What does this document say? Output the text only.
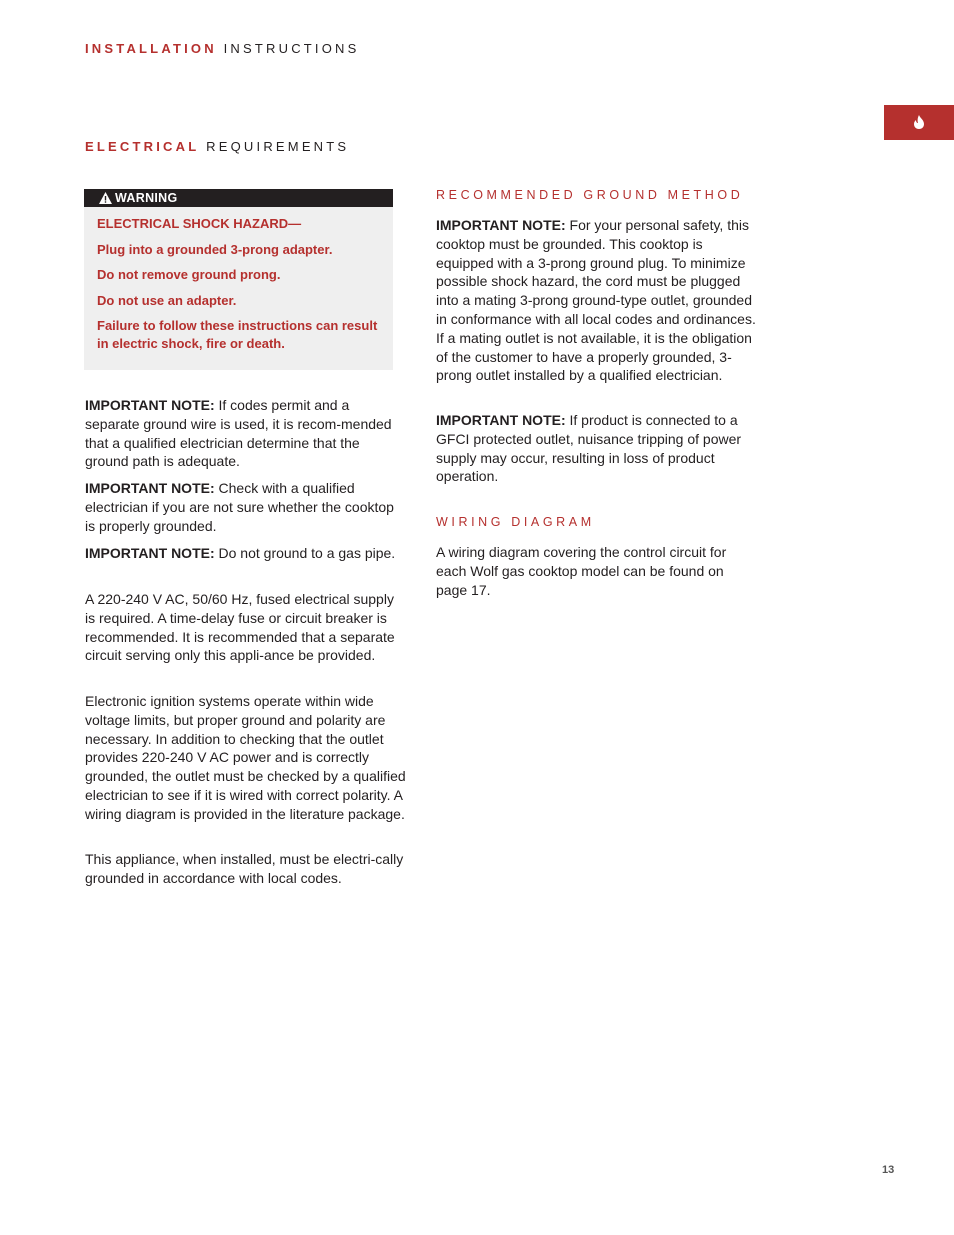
INSTALLATION INSTRUCTIONS
ELECTRICAL REQUIREMENTS
WARNING
ELECTRICAL SHOCK HAZARD—
Plug into a grounded 3-prong adapter.
Do not remove ground prong.
Do not use an adapter.
Failure to follow these instructions can result in electric shock, fire or death.
IMPORTANT NOTE: If codes permit and a separate ground wire is used, it is recom-mended that a qualified electrician determine that the ground path is adequate.
IMPORTANT NOTE: Check with a qualified electrician if you are not sure whether the cooktop is properly grounded.
IMPORTANT NOTE: Do not ground to a gas pipe.
A 220-240 V AC, 50/60 Hz, fused electrical supply is required. A time-delay fuse or circuit breaker is recommended. It is recommended that a separate circuit serving only this appli-ance be provided.
Electronic ignition systems operate within wide voltage limits, but proper ground and polarity are necessary. In addition to checking that the outlet provides 220-240 V AC power and is correctly grounded, the outlet must be checked by a qualified electrician to see if it is wired with correct polarity. A wiring diagram is provided in the literature package.
This appliance, when installed, must be electri-cally grounded in accordance with local codes.
RECOMMENDED GROUND METHOD
IMPORTANT NOTE: For your personal safety, this cooktop must be grounded. This cooktop is equipped with a 3-prong ground plug. To minimize possible shock hazard, the cord must be plugged into a mating 3-prong ground-type outlet, grounded in conformance with all local codes and ordinances. If a mating outlet is not available, it is the obligation of the customer to have a properly grounded, 3-prong outlet installed by a qualified electrician.
IMPORTANT NOTE: If product is connected to a GFCI protected outlet, nuisance tripping of power supply may occur, resulting in loss of product operation.
WIRING DIAGRAM
A wiring diagram covering the control circuit for each Wolf gas cooktop model can be found on page 17.
13
